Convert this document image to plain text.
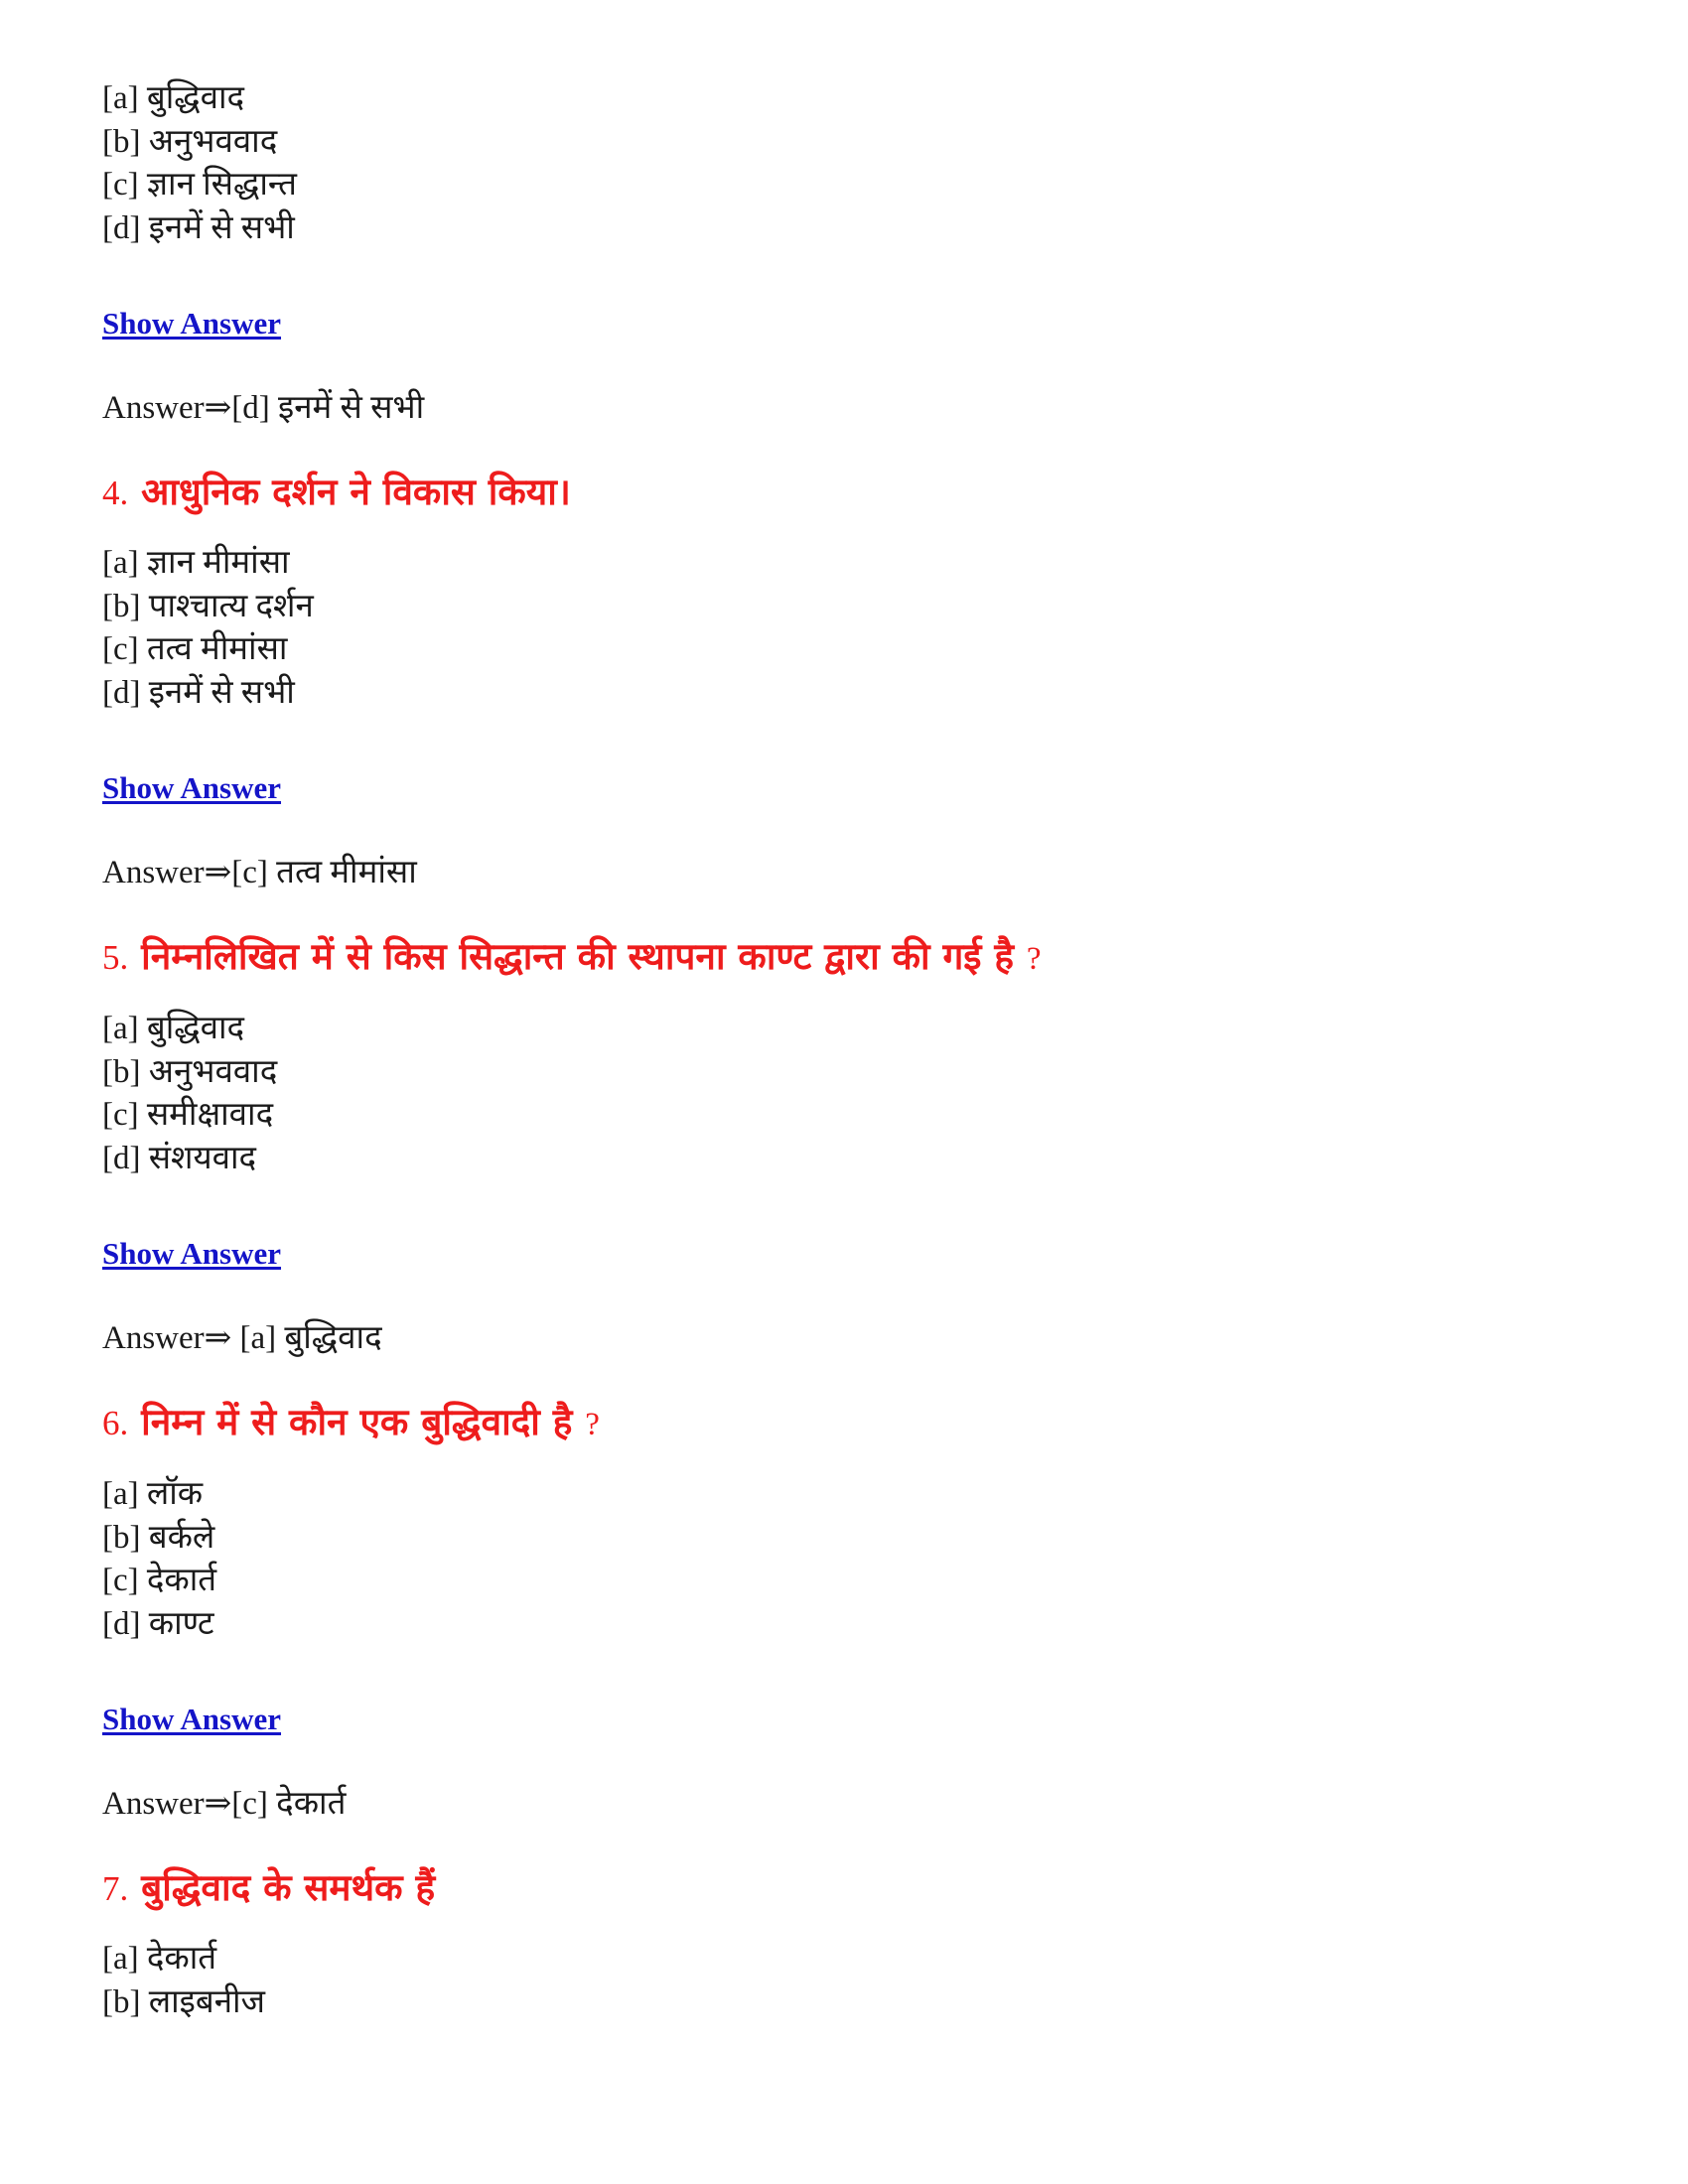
[a] बुद्धिवाद
[b] अनुभववाद
[c] ज्ञान सिद्धान्त
[d] इनमें से सभी
Show Answer
Answer⇒[d] इनमें से सभी
4. आधुनिक दर्शन ने विकास किया।
[a] ज्ञान मीमांसा
[b] पाश्चात्य दर्शन
[c] तत्व मीमांसा
[d] इनमें से सभी
Show Answer
Answer⇒[c] तत्व मीमांसा
5. निम्नलिखित में से किस सिद्धान्त की स्थापना काण्ट द्वारा की गई है ?
[a] बुद्धिवाद
[b] अनुभववाद
[c] समीक्षावाद
[d] संशयवाद
Show Answer
Answer⇒ [a] बुद्धिवाद
6. निम्न में से कौन एक बुद्धिवादी है ?
[a] लॉक
[b] बर्कले
[c] देकार्त
[d] काण्ट
Show Answer
Answer⇒[c] देकार्त
7. बुद्धिवाद के समर्थक हैं
[a] देकार्त
[b] लाइबनीज
